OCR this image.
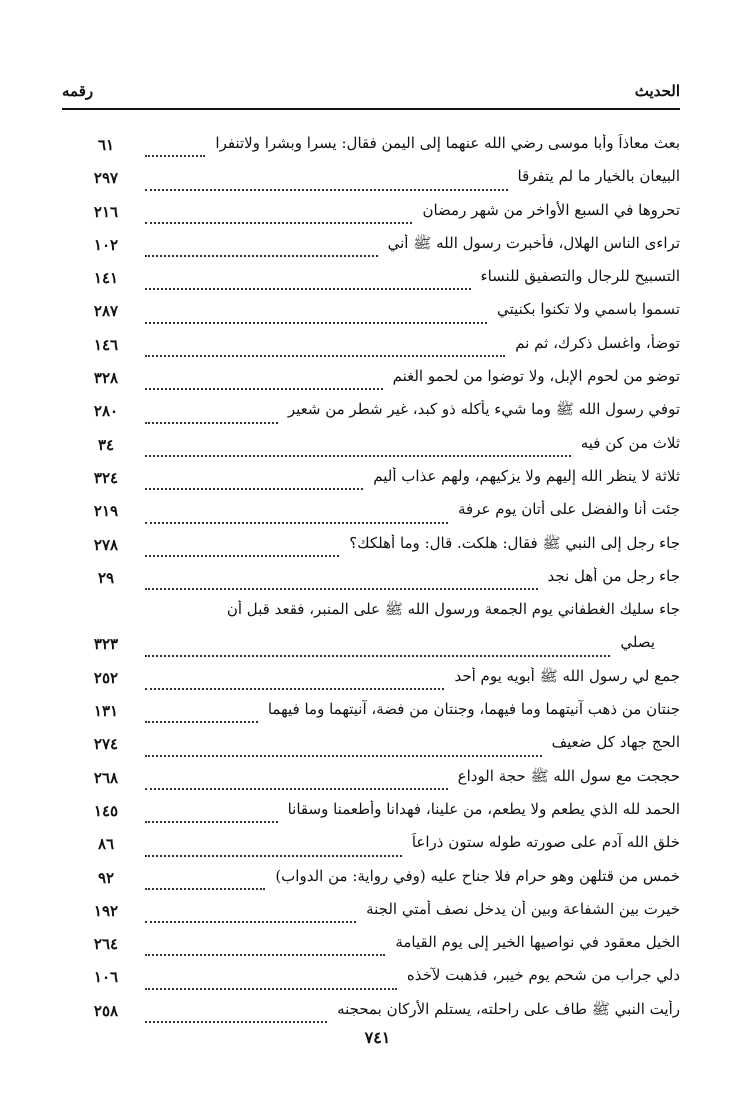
رقمه	الحديث
بعث معاذاً وأبا موسى رضي الله عنهما إلى اليمن فقال: يسرا وبشرا ولاتنفرا
٦١
البيعان بالخيار ما لم يتفرقا
٢٩٧
تحروها في السبع الأواخر من شهر رمضان
٢١٦
تراءى الناس الهلال، فأخبرت رسول الله ﷺ أني
١٠٢
التسبيح للرجال والتصفيق للنساء
١٤١
تسموا باسمي ولا تكنوا بكنيتي
٢٨٧
توضأ، واغسل ذكرك، ثم نم
١٤٦
توضو من لحوم الإبل، ولا توضوا من لحمو الغنم
٣٢٨
توفي رسول الله ﷺ وما شيء يأكله ذو كبد، غير شطر من شعير
٢٨٠
ثلاث من كن فيه
٣٤
ثلاثة لا ينظر الله إليهم ولا يزكيهم، ولهم عذاب أليم
٣٢٤
جئت أنا والفضل على أتان يوم عرفة
٢١٩
جاء رجل إلى النبي ﷺ فقال: هلكت. قال: وما أهلكك؟
٢٧٨
جاء رجل من أهل نجد
٢٩
جاء سليك الغطفاني يوم الجمعة ورسول الله ﷺ على المنبر، فقعد قبل أن
يصلي
٣٢٣
جمع لي رسول الله ﷺ أبويه يوم أحد
٢٥٢
جنتان من ذهب آنيتهما وما فيهما، وجنتان من فضة، آنيتهما وما فيهما
١٣١
الحج جهاد كل ضعيف
٢٧٤
حججت مع سول الله ﷺ حجة الوداع
٢٦٨
الحمد لله الذي يطعم ولا يطعم، من علينا، فهدانا وأطعمنا وسقانا
١٤٥
خلق الله آدم على صورته طوله ستون ذراعاً
٨٦
خمس من قتلهن وهو حرام فلا جناح عليه (وفي رواية: من الدواب)
٩٢
خيرت بين الشفاعة وبين أن يدخل نصف أمتي الجنة
١٩٢
الخيل معقود في نواصيها الخير إلى يوم القيامة
٢٦٤
دلي جراب من شحم يوم خيبر، فذهبت لآخذه
١٠٦
رأيت النبي ﷺ طاف على راحلته، يستلم الأركان بمحجنه
٢٥٨
٧٤١
